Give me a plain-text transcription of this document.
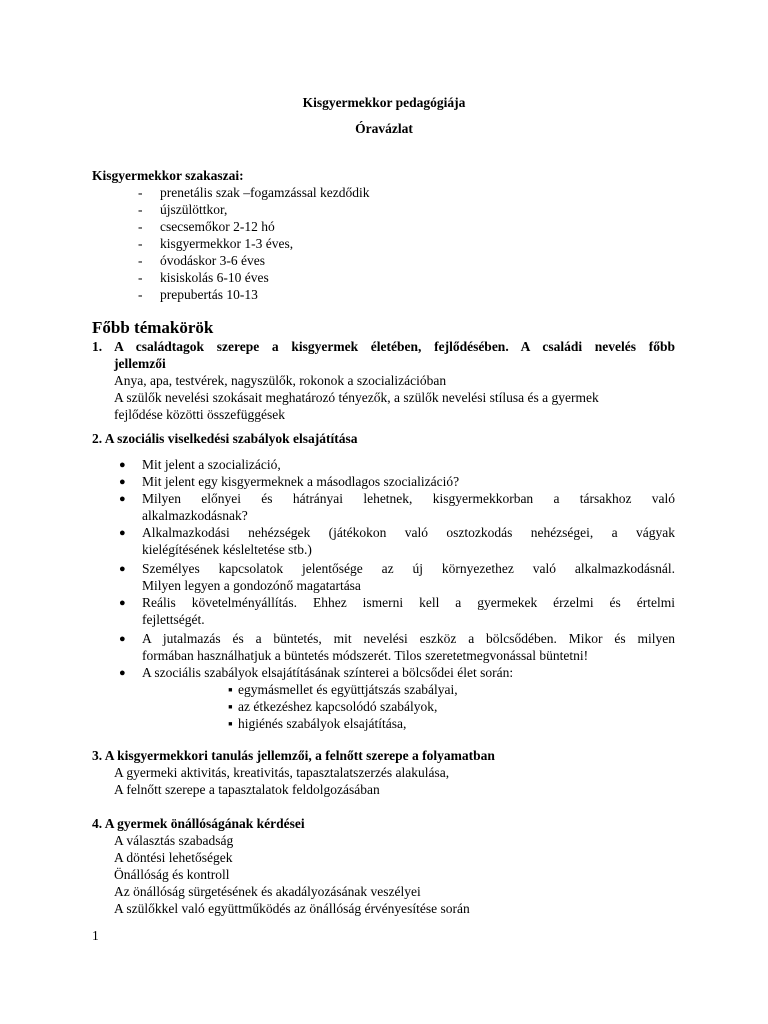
Kisgyermekkor pedagógiája
Óravázlat
Kisgyermekkor szakaszai:
- prenetális szak –fogamzással kezdődik
- újszülöttkor,
- csecsemőkor 2-12 hó
- kisgyermekkor 1-3 éves,
- óvodáskor 3-6 éves
- kisiskolás 6-10 éves
- prepubertás 10-13
Főbb témakörök
1. A családtagok szerepe a kisgyermek életében, fejlődésében. A családi nevelés főbb
jellemzői
Anya, apa, testvérek, nagyszülők, rokonok a szocializációban
A szülők nevelési szokásait meghatározó tényezők, a szülők nevelési stílusa és a gyermek
fejlődése közötti összefüggések
2. A szociális viselkedési szabályok elsajátítása
● Mit jelent a szocializáció,
● Mit jelent egy kisgyermeknek a másodlagos szocializáció?
● Milyen előnyei és hátrányai lehetnek, kisgyermekkorban a társakhoz való
alkalmazkodásnak?
● Alkalmazkodási nehézségek (játékokon való osztozkodás nehézségei, a vágyak
kielégítésének késleltetése stb.)
● Személyes kapcsolatok jelentősége az új környezethez való alkalmazkodásnál.
Milyen legyen a gondozónő magatartása
● Reális követelményállítás. Ehhez ismerni kell a gyermekek érzelmi és értelmi
fejlettségét.
● A jutalmazás és a büntetés, mit nevelési eszköz a bölcsődében. Mikor és milyen
formában használhatjuk a büntetés módszerét. Tilos szeretetmegvonással büntetni!
● A szociális szabályok elsajátításának színterei a bölcsődei élet során:
▪ egymásmellet és együttjátszás szabályai,
▪ az étkezéshez kapcsolódó szabályok,
▪ higiénés szabályok elsajátítása,
3. A kisgyermekkori tanulás jellemzői, a felnőtt szerepe a folyamatban
A gyermeki aktivitás, kreativitás, tapasztalatszerzés alakulása,
A felnőtt szerepe a tapasztalatok feldolgozásában
4. A gyermek önállóságának kérdései
A választás szabadság
A döntési lehetőségek
Önállóság és kontroll
Az önállóság sürgetésének és akadályozásának veszélyei
A szülőkkel való együttműködés az önállóság érvényesítése során
1
